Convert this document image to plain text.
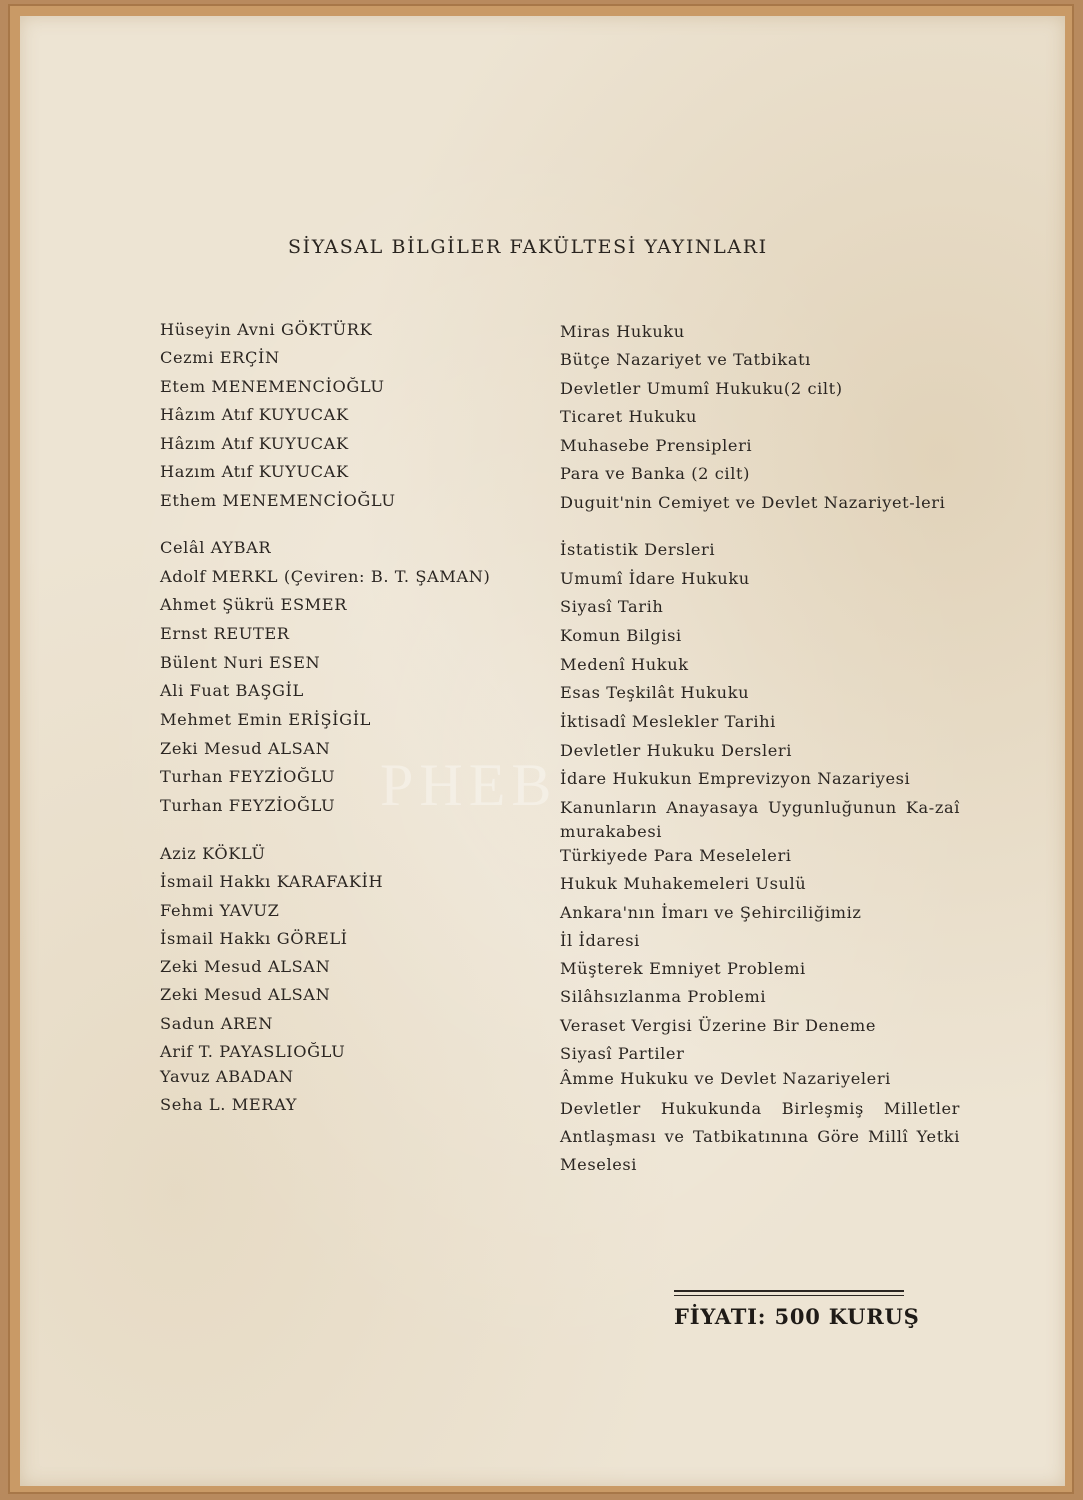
PHEB
SİYASAL BİLGİLER FAKÜLTESİ YAYINLARI
Hüseyin Avni GÖKTÜRK	Miras Hukuku
Cezmi ERÇİN	Bütçe Nazariyet ve Tatbikatı
Etem MENEMENCİOĞLU	Devletler Umumî Hukuku(2 cilt)
Hâzım Atıf KUYUCAK	Ticaret Hukuku
Hâzım Atıf KUYUCAK	Muhasebe Prensipleri
Hazım Atıf KUYUCAK	Para ve Banka (2 cilt)
Ethem MENEMENCİOĞLU	Duguit'nin Cemiyet ve Devlet Nazariyet-leri
Celâl AYBAR	İstatistik Dersleri
Adolf MERKL (Çeviren: B. T. ŞAMAN)	Umumî İdare Hukuku
Ahmet Şükrü ESMER	Siyasî Tarih
Ernst REUTER	Komun Bilgisi
Bülent Nuri ESEN	Medenî Hukuk
Ali Fuat BAŞGİL	Esas Teşkilât Hukuku
Mehmet Emin ERİŞİGİL	İktisadî Meslekler Tarihi
Zeki Mesud ALSAN	Devletler Hukuku Dersleri
Turhan FEYZİOĞLU	İdare Hukukun Emprevizyon Nazariyesi
Turhan FEYZİOĞLU	Kanunların Anayasaya Uygunluğunun Ka-zaî murakabesi
Aziz KÖKLÜ	Türkiyede Para Meseleleri
İsmail Hakkı KARAFAKİH	Hukuk Muhakemeleri Usulü
Fehmi YAVUZ	Ankara'nın İmarı ve Şehirciliğimiz
İsmail Hakkı GÖRELİ	İl İdaresi
Zeki Mesud ALSAN	Müşterek Emniyet Problemi
Zeki Mesud ALSAN	Silâhsızlanma Problemi
Sadun AREN	Veraset Vergisi Üzerine Bir Deneme
Arif T. PAYASLIOĞLU	Siyasî Partiler
Yavuz ABADAN	Âmme Hukuku ve Devlet Nazariyeleri
Seha L. MERAY	Devletler Hukukunda Birleşmiş Milletler Antlaşması ve Tatbikatınına Göre Millî Yetki Meselesi
FİYATI: 500 KURUŞ
